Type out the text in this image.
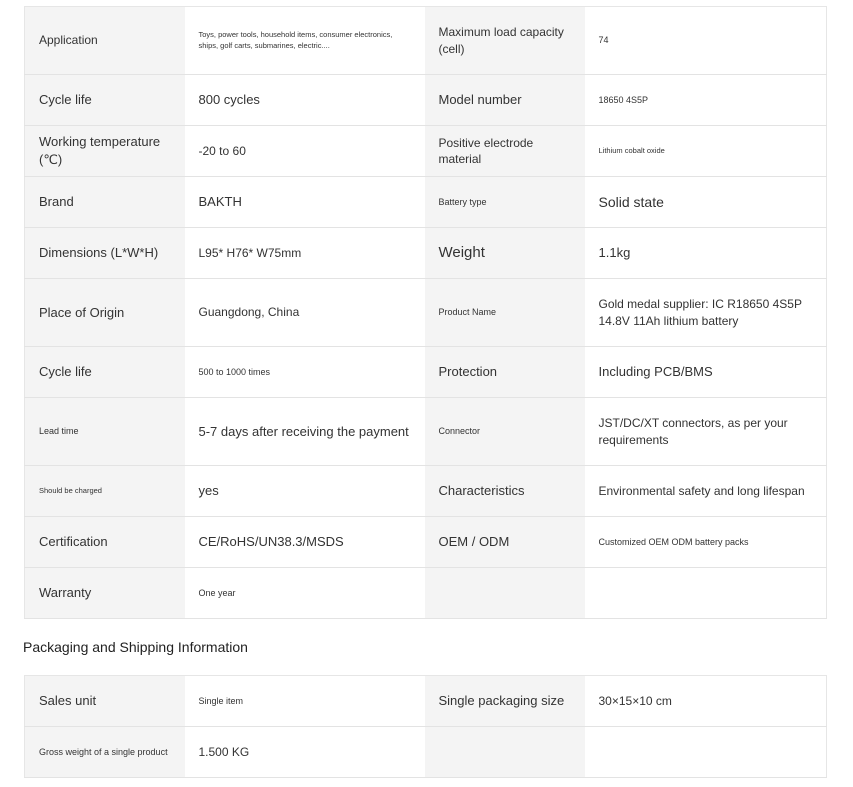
Application	Toys, power tools, household items, consumer electronics, ships, golf carts, submarines, electric....	Maximum load capacity (cell)	74
Cycle life	800 cycles	Model number	18650 4S5P
Working temperature (℃)	-20 to 60	Positive electrode material	Lithium cobalt oxide
Brand	BAKTH	Battery type	Solid state
Dimensions (L*W*H)	L95* H76* W75mm	Weight	1.1kg
Place of Origin	Guangdong, China	Product Name	Gold medal supplier: IC R18650 4S5P 14.8V 11Ah lithium battery
Cycle life	500 to 1000 times	Protection	Including PCB/BMS
Lead time	5-7 days after receiving the payment	Connector	JST/DC/XT connectors, as per your requirements
Should be charged	yes	Characteristics	Environmental safety and long lifespan
Certification	CE/RoHS/UN38.3/MSDS	OEM / ODM	Customized OEM ODM battery packs
Warranty	One year		
Packaging and Shipping Information
Sales unit	Single item	Single packaging size	30×15×10 cm
Gross weight of a single product	1.500 KG		
